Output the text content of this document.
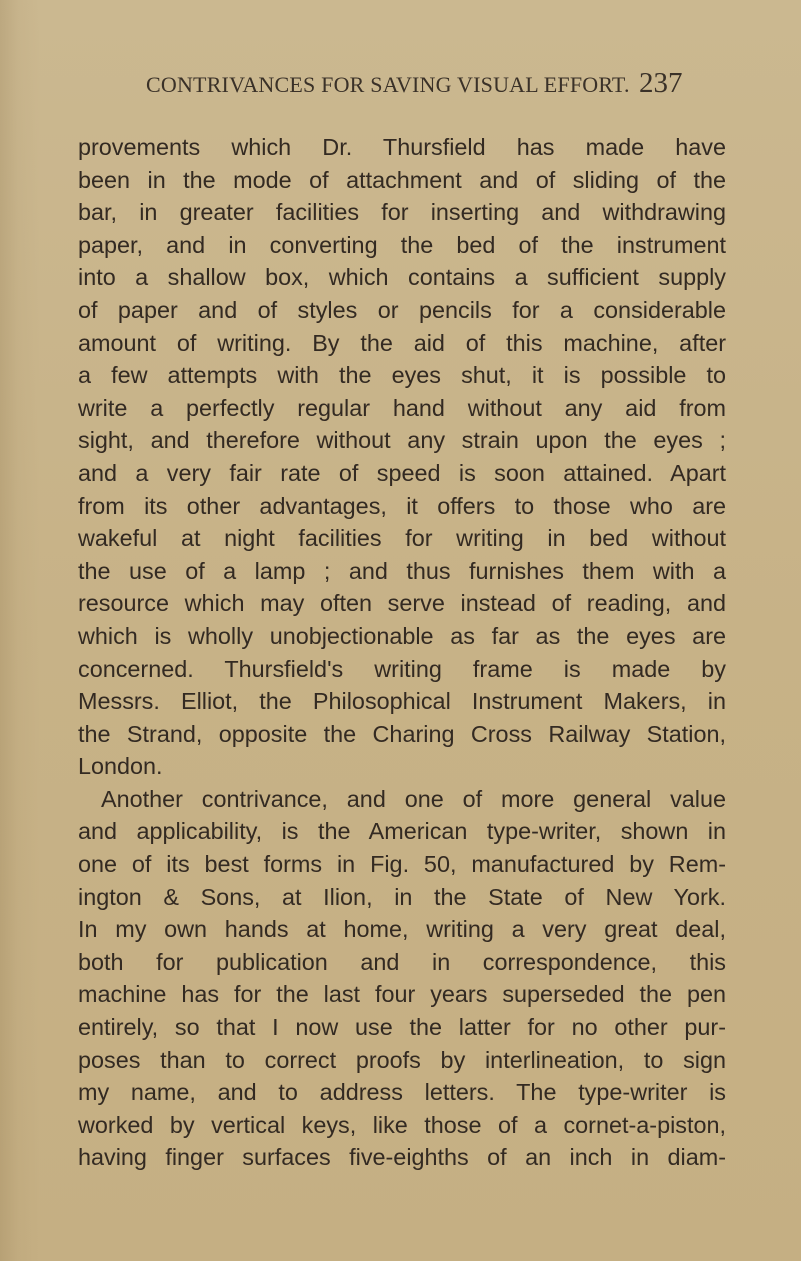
CONTRIVANCES FOR SAVING VISUAL EFFORT. 237
provements which Dr. Thursfield has made have
been in the mode of attachment and of sliding of the
bar, in greater facilities for inserting and withdrawing
paper, and in converting the bed of the instrument
into a shallow box, which contains a sufficient supply
of paper and of styles or pencils for a considerable
amount of writing. By the aid of this machine, after
a few attempts with the eyes shut, it is possible to
write a perfectly regular hand without any aid from
sight, and therefore without any strain upon the eyes ;
and a very fair rate of speed is soon attained. Apart
from its other advantages, it offers to those who are
wakeful at night facilities for writing in bed without
the use of a lamp ; and thus furnishes them with a
resource which may often serve instead of reading, and
which is wholly unobjectionable as far as the eyes are
concerned. Thursfield's writing frame is made by
Messrs. Elliot, the Philosophical Instrument Makers, in
the Strand, opposite the Charing Cross Railway Station,
London.
Another contrivance, and one of more general value
and applicability, is the American type-writer, shown in
one of its best forms in Fig. 50, manufactured by Rem-
ington & Sons, at Ilion, in the State of New York.
In my own hands at home, writing a very great deal,
both for publication and in correspondence, this
machine has for the last four years superseded the pen
entirely, so that I now use the latter for no other pur-
poses than to correct proofs by interlineation, to sign
my name, and to address letters. The type-writer is
worked by vertical keys, like those of a cornet-a-piston,
having finger surfaces five-eighths of an inch in diam-
